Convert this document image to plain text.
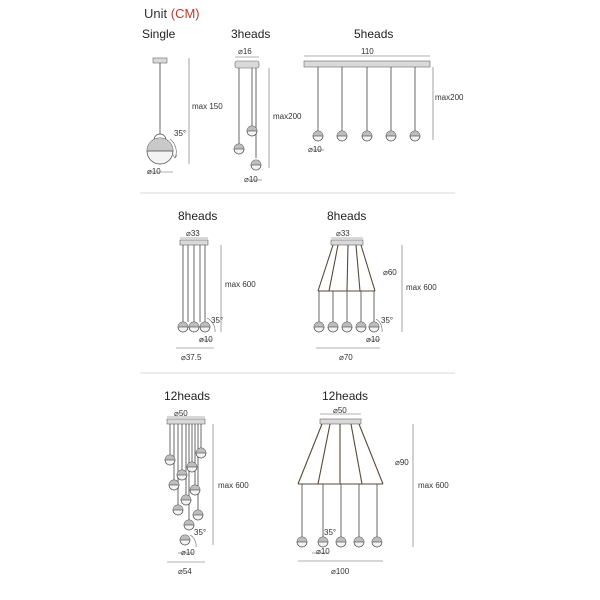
Unit (CM)
Single	3heads	5heads
8heads	8heads
12heads	12heads
max 150
35°
⌀10
⌀16
max200
⌀10
110
max200
⌀10
⌀33
max 600
35°
⌀10
⌀37.5
⌀33
⌀60
max 600
35°
⌀10
⌀70
⌀50
max 600
35°
⌀10
⌀54
⌀50
⌀90
max 600
35°
⌀10
⌀100
